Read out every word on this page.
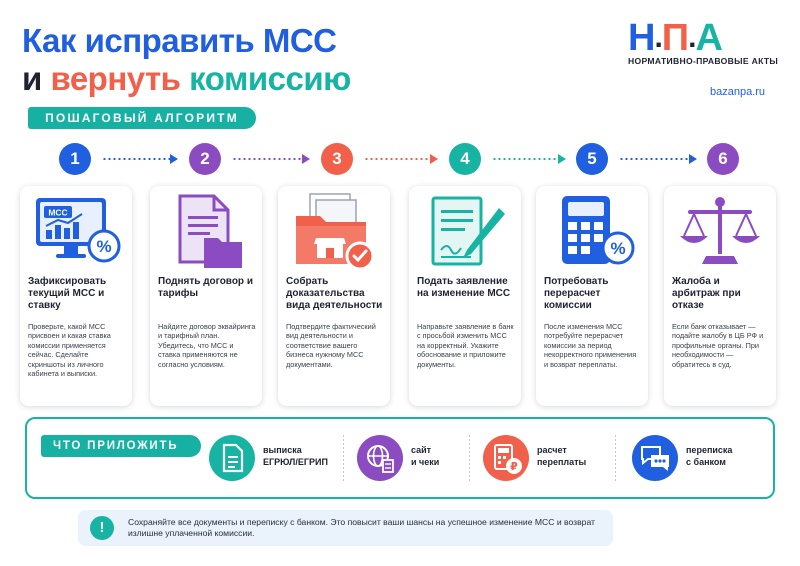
Как исправить МСС
и вернуть комиссию
ПОШАГОВЫЙ АЛГОРИТМ
Н . П . А
НОРМАТИВНО-ПРАВОВЫЕ АКТЫ
bazanpa.ru
1	2	3	4	5	6
MCC
%
Зафиксировать текущий МСС и ставку
Проверьте, какой МСС присвоен и какая ставка комиссии применяется сейчас. Сделайте скриншоты из личного кабинета и выписки.
Поднять договор и тарифы
Найдите договор эквайринга и тарифный план. Убедитесь, что МСС и ставка применяются не согласно условиям.
Собрать доказательства вида деятельности
Подтвердите фактический вид деятельности и соответствие вашего бизнеса нужному МСС документами.
Подать заявление на изменение МСС
Направьте заявление в банк с просьбой изменить МСС на корректный. Укажите обоснование и приложите документы.
%
Потребовать перерасчет комиссии
После изменения МСС потребуйте перерасчет комиссии за период некорректного применения и возврат переплаты.
Жалоба и арбитраж при отказе
Если банк отказывает — подайте жалобу в ЦБ РФ и профильные органы. При необходимости — обратитесь в суд.
ЧТО ПРИЛОЖИТЬ	выписка
ЕГРЮЛ/ЕГРИП
сайт
и чеки	₽
расчет
переплаты
переписка
с банком
!	Сохраняйте все документы и переписку с банком. Это повысит ваши шансы на успешное изменение МСС и возврат излишне уплаченной комиссии.
